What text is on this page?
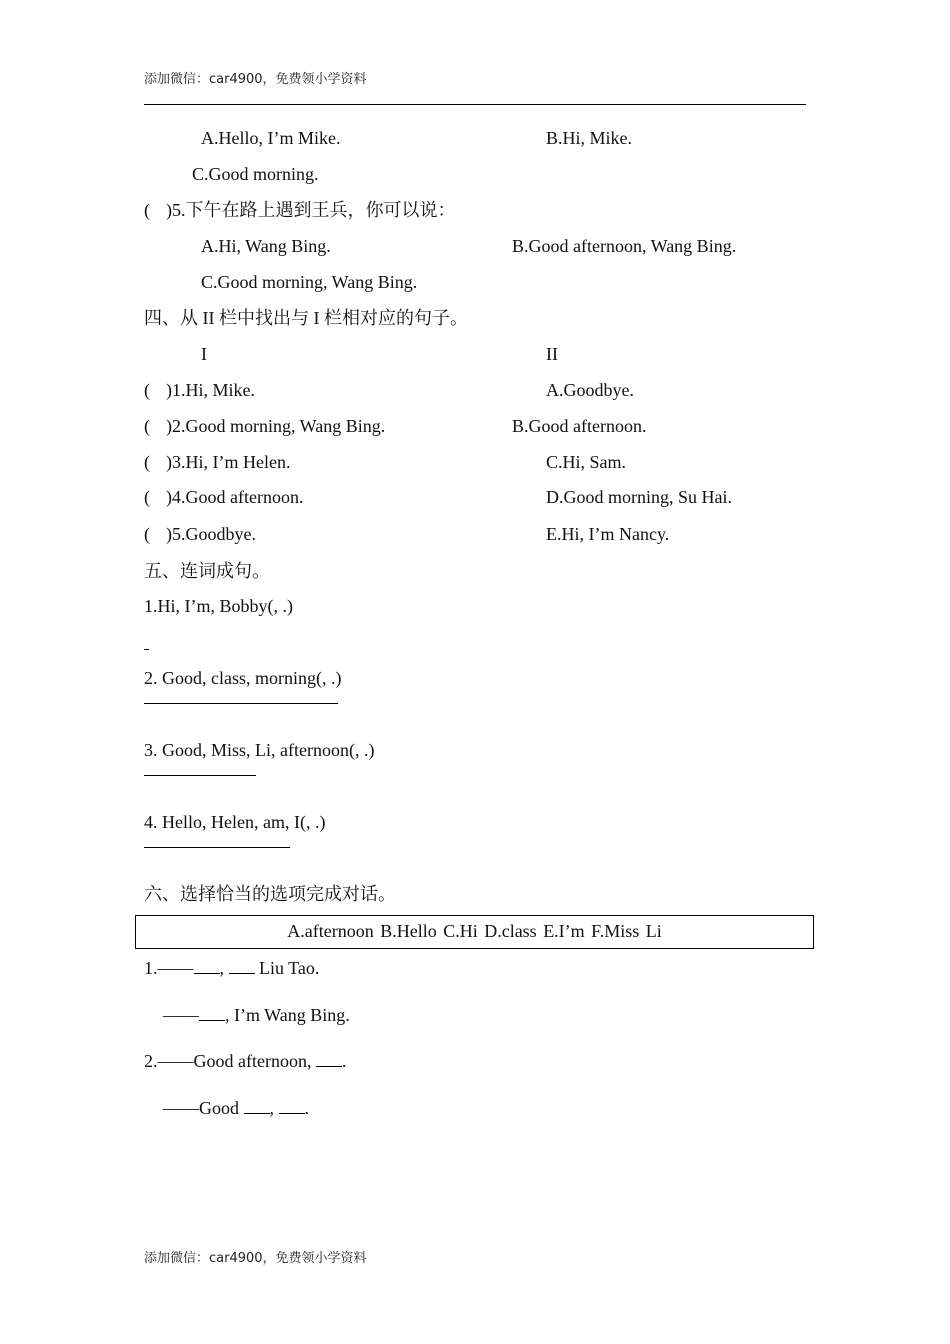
添加微信：car4900，免费领小学资料
A.Hello, I’m Mike.	B.Hi, Mike.
C.Good morning.
( )5.下午在路上遇到王兵，你可以说：
A.Hi, Wang Bing.	B.Good afternoon, Wang Bing.
C.Good morning, Wang Bing.
四、从 II 栏中找出与 I 栏相对应的句子。
I	II
( )1.Hi, Mike.	A.Goodbye.
( )2.Good morning, Wang Bing.	B.Good afternoon.
( )3.Hi, I’m Helen.	C.Hi, Sam.
( )4.Good afternoon.	D.Good morning, Su Hai.
( )5.Goodbye.	E.Hi, I’m Nancy.
五、连词成句。
1.Hi, I’m, Bobby(, .)
2. Good, class, morning(, .)
3. Good, Miss, Li, afternoon(, .)
4. Hello, Helen, am, I(, .)
六、选择恰当的选项完成对话。
A.afternoon B.Hello C.Hi D.class E.I’m F.Miss Li
1.—— ,  Liu Tao.
—— , I’m Wang Bing.
2.——Good afternoon, .
——Good , .
添加微信：car4900，免费领小学资料
